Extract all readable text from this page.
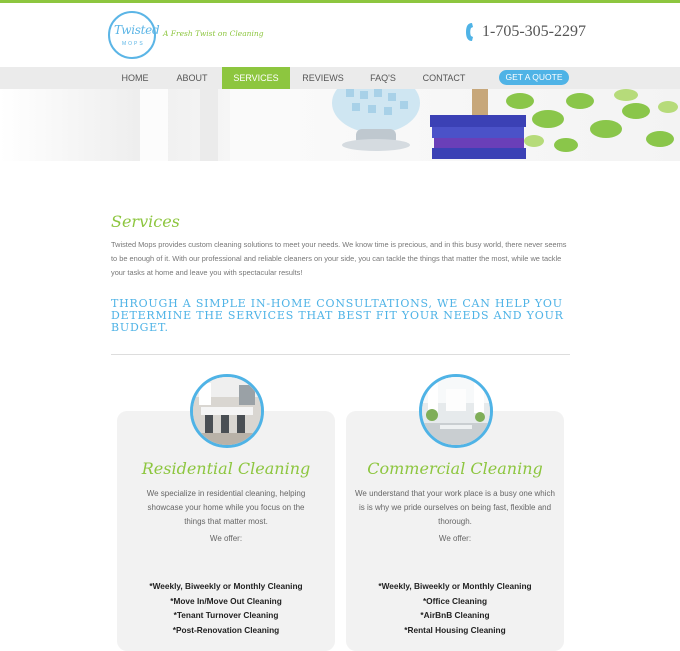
Twisted
MOPS
A Fresh Twist on Cleaning	1-705-305-2297
HOME	ABOUT	SERVICES	REVIEWS	FAQ'S	CONTACT	GET A QUOTE
Services
Twisted Mops provides custom cleaning solutions to meet your needs. We know time is precious, and in this busy world, there never seems to be enough of it. With our professional and reliable cleaners on your side, you can tackle the things that matter the most, while we tackle your tasks at home and leave you with spectacular results!
THROUGH A SIMPLE IN-HOME CONSULTATIONS, WE CAN HELP YOU DETERMINE THE SERVICES THAT BEST FIT YOUR NEEDS AND YOUR BUDGET.
Residential Cleaning
We specialize in residential cleaning, helping showcase your home while you focus on the things that matter most.
We offer:
*Weekly, Biweekly or Monthly Cleaning
*Move In/Move Out Cleaning
*Tenant Turnover Cleaning
*Post-Renovation Cleaning
Commercial Cleaning
We understand that your work place is a busy one which is is why we pride ourselves on being fast, flexible and thorough.
We offer:
*Weekly, Biweekly or Monthly Cleaning
*Office Cleaning
*AirBnB Cleaning
*Rental Housing Cleaning
